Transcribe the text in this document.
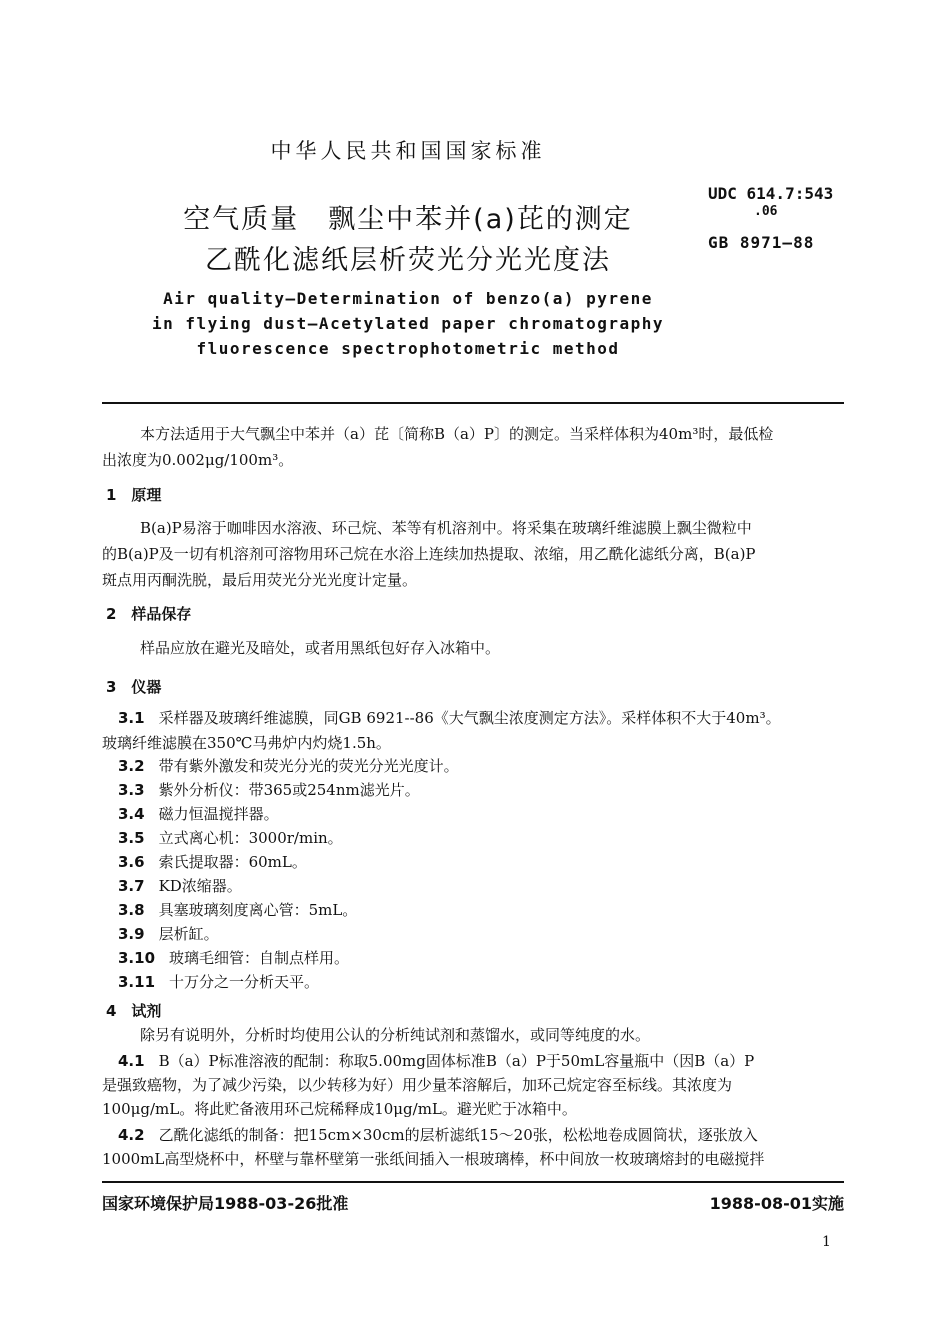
中华人民共和国国家标准
空气质量　飘尘中苯并(a)芘的测定
乙酰化滤纸层析荧光分光光度法
UDC 614.7:543
.06
GB 8971—88
Air quality—Determination of benzo(a) pyrene
in flying dust—Acetylated paper chromatography
fluorescence spectrophotometric method
本方法适用于大气飘尘中苯并（a）芘〔简称B（a）P〕的测定。当采样体积为40m³时，最低检
出浓度为0.002μg/100m³。
1　原理
B(a)P易溶于咖啡因水溶液、环己烷、苯等有机溶剂中。将采集在玻璃纤维滤膜上飘尘微粒中
的B(a)P及一切有机溶剂可溶物用环己烷在水浴上连续加热提取、浓缩，用乙酰化滤纸分离，B(a)P
斑点用丙酮洗脱，最后用荧光分光光度计定量。
2　样品保存
样品应放在避光及暗处，或者用黑纸包好存入冰箱中。
3　仪器
3.1 采样器及玻璃纤维滤膜，同GB 6921--86《大气飘尘浓度测定方法》。采样体积不大于40m³。
玻璃纤维滤膜在350℃马弗炉内灼烧1.5h。
3.2 带有紫外激发和荧光分光的荧光分光光度计。
3.3 紫外分析仪：带365或254nm滤光片。
3.4 磁力恒温搅拌器。
3.5 立式离心机：3000r/min。
3.6 索氏提取器：60mL。
3.7 KD浓缩器。
3.8 具塞玻璃刻度离心管：5mL。
3.9 层析缸。
3.10 玻璃毛细管：自制点样用。
3.11 十万分之一分析天平。
4　试剂
除另有说明外，分析时均使用公认的分析纯试剂和蒸馏水，或同等纯度的水。
4.1 B（a）P标准溶液的配制：称取5.00mg固体标准B（a）P于50mL容量瓶中（因B（a）P
是强致癌物，为了减少污染，以少转移为好）用少量苯溶解后，加环己烷定容至标线。其浓度为
100μg/mL。将此贮备液用环己烷稀释成10μg/mL。避光贮于冰箱中。
4.2 乙酰化滤纸的制备：把15cm×30cm的层析滤纸15～20张，松松地卷成圆筒状，逐张放入
1000mL高型烧杯中，杯壁与靠杯壁第一张纸间插入一根玻璃棒，杯中间放一枚玻璃熔封的电磁搅拌
国家环境保护局1988-03-26批准	1988-08-01实施
1
